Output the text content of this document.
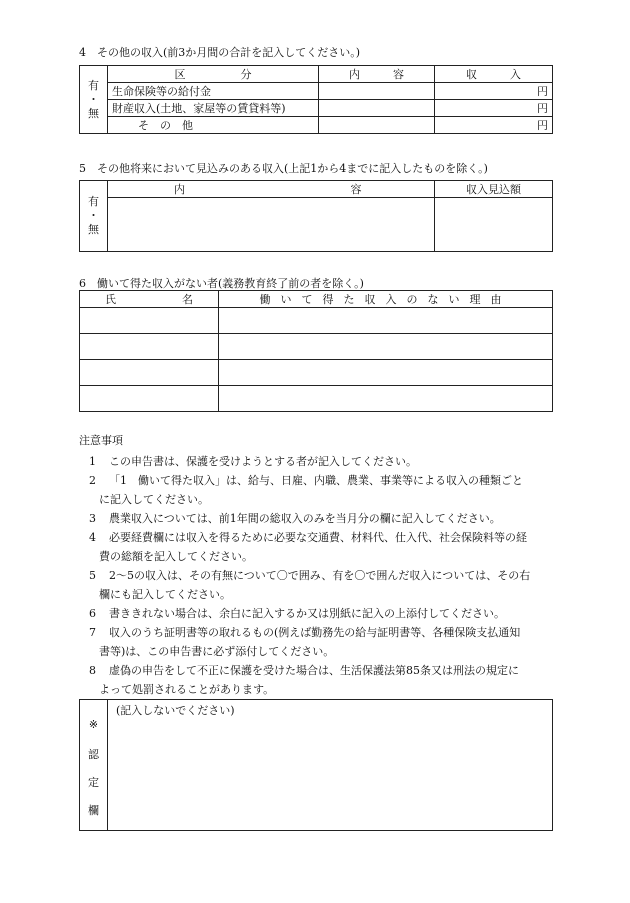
4　その他の収入(前3か月間の合計を記入してください。)
有
・
無	区　　　　　分	内　　　容	収　　　入
	生命保険等の給付金		円
	財産収入(土地、家屋等の賃貸料等)		円
	そ　の　他		円
5　その他将来において見込みのある収入(上記1から4までに記入したものを除く。)
有
・
無	内 容	収入見込額

6　働いて得た収入がない者(義務教育終了前の者を除く。)
氏　　　　　　名	働いて得た収入のない理由

注意事項
1	この申告書は、保護を受けようとする者が記入してください。
2	「1　働いて得た収入」は、給与、日雇、内職、農業、事業等による収入の種類ごと
に記入してください。
3	農業収入については、前1年間の総収入のみを当月分の欄に記入してください。
4	必要経費欄には収入を得るために必要な交通費、材料代、仕入代、社会保険料等の経
費の総額を記入してください。
5	2～5の収入は、その有無について〇で囲み、有を〇で囲んだ収入については、その右
欄にも記入してください。
6	書ききれない場合は、余白に記入するか又は別紙に記入の上添付してください。
7	収入のうち証明書等の取れるもの(例えば勤務先の給与証明書等、各種保険支払通知
書等)は、この申告書に必ず添付してください。
8	虚偽の申告をして不正に保護を受けた場合は、生活保護法第85条又は刑法の規定に
よって処罰されることがあります。
※
認
定
欄
(記入しないでください)
